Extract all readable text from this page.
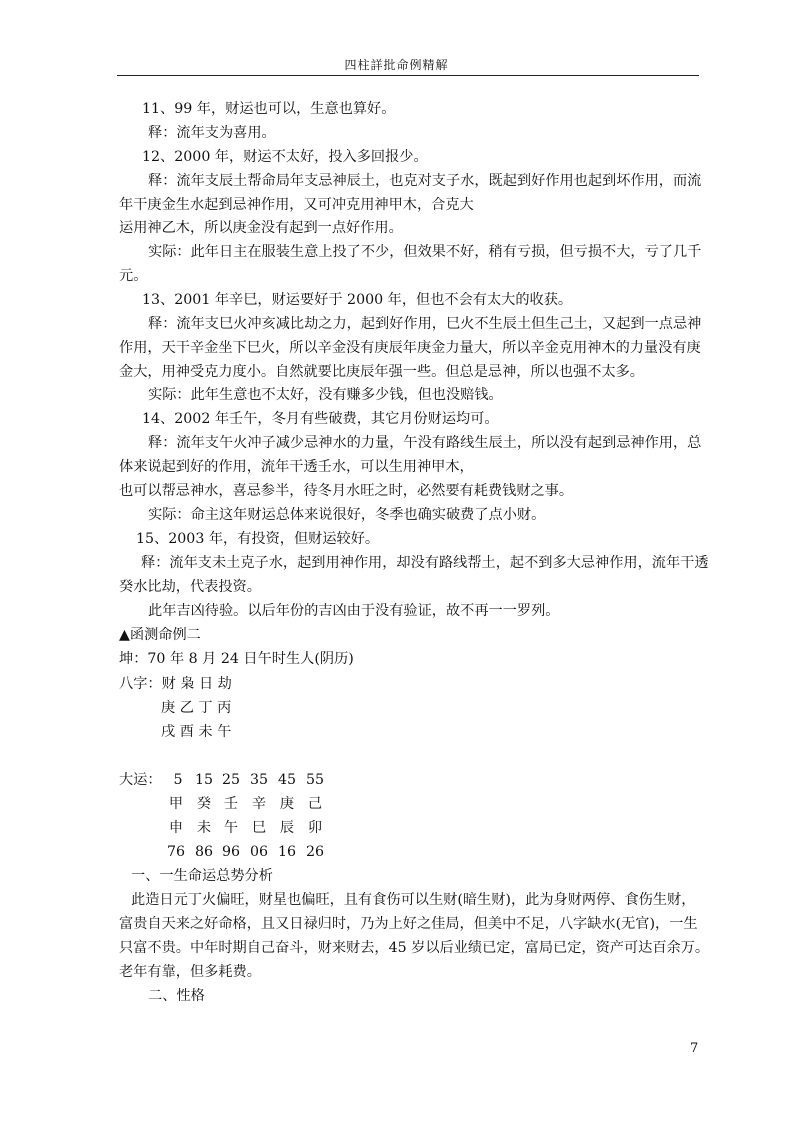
四柱詳批命例精解
11、99 年，财运也可以，生意也算好。
释：流年支为喜用。
12、2000 年，财运不太好，投入多回报少。
释：流年支辰土帮命局年支忌神辰土，也克对支子水，既起到好作用也起到坏作用，而流
年干庚金生水起到忌神作用，又可冲克用神甲木，合克大
运用神乙木，所以庚金没有起到一点好作用。
实际：此年日主在服装生意上投了不少，但效果不好，稍有亏损，但亏损不大，亏了几千
元。
13、2001 年辛巳，财运要好于 2000 年，但也不会有太大的收获。
释：流年支巳火冲亥减比劫之力，起到好作用，巳火不生辰土但生己土，又起到一点忌神
作用，天干辛金坐下巳火，所以辛金没有庚辰年庚金力量大，所以辛金克用神木的力量没有庚
金大，用神受克力度小。自然就要比庚辰年强一些。但总是忌神，所以也强不太多。
实际：此年生意也不太好，没有赚多少钱，但也没赔钱。
14、2002 年壬午，冬月有些破费，其它月份财运均可。
释：流年支午火冲子减少忌神水的力量，午没有路线生辰土，所以没有起到忌神作用，总
体来说起到好的作用，流年干透壬水，可以生用神甲木，
也可以帮忌神水，喜忌参半，待冬月水旺之时，必然要有耗费钱财之事。
实际：命主这年财运总体来说很好，冬季也确实破费了点小财。
15、2003 年，有投资，但财运较好。
释：流年支未土克子水，起到用神作用，却没有路线帮土，起不到多大忌神作用，流年干透
癸水比劫，代表投资。
此年吉凶待验。以后年份的吉凶由于没有验证，故不再一一罗列。
▲函测命例二
坤：70 年 8 月 24 日午时生人(阴历)
八字：财 枭 日 劫
庚 乙 丁 丙
戌 酉 未 午
大运： 5 15 25 35 45 55
甲 癸 壬 辛 庚 己
申 未 午 巳 辰 卯
76 86 96 06 16 26
一、一生命运总势分析
此造日元丁火偏旺，财星也偏旺，且有食伤可以生财(暗生财)，此为身财两停、食伤生财，
富贵自天来之好命格，且又日禄归时，乃为上好之佳局，但美中不足，八字缺水(无官)，一生
只富不贵。中年时期自己奋斗，财来财去，45 岁以后业绩已定，富局已定，资产可达百余万。
老年有靠，但多耗费。
二、性格
7
